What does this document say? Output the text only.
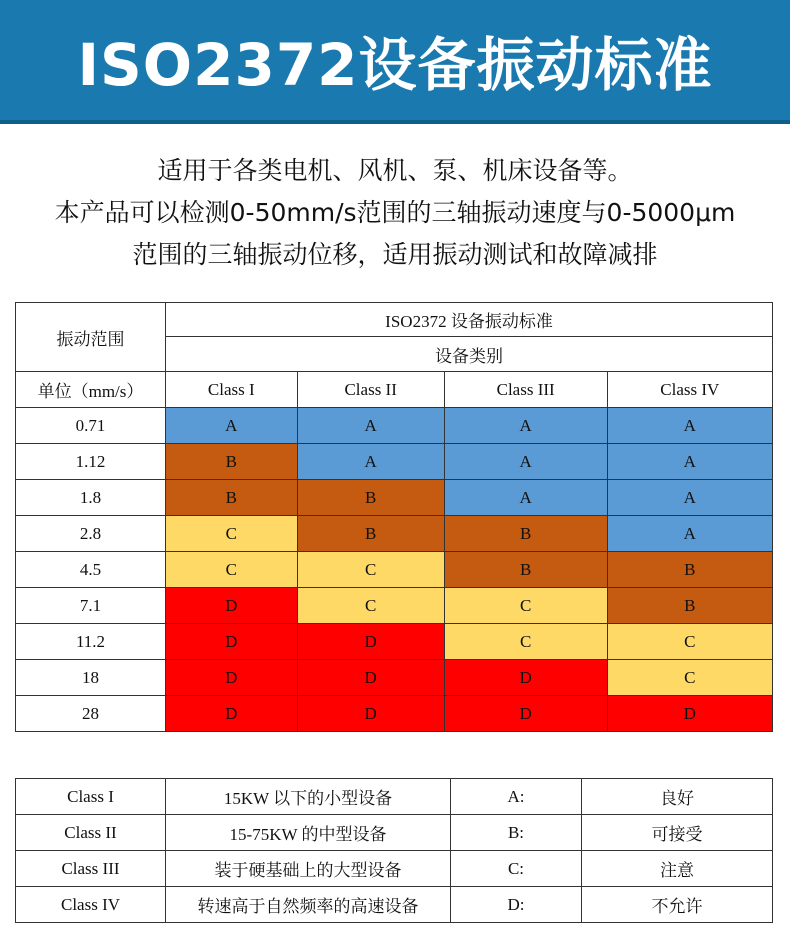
ISO2372设备振动标准
适用于各类电机、风机、泵、机床设备等。
本产品可以检测0-50mm/s范围的三轴振动速度与0-5000μm
范围的三轴振动位移，适用振动测试和故障减排
振动范围	ISO2372 设备振动标准			
	设备类别			
单位（mm/s）	Class I	Class II	Class III	Class IV
0.71	A	A	A	A
1.12	B	A	A	A
1.8	B	B	A	A
2.8	C	B	B	A
4.5	C	C	B	B
7.1	D	C	C	B
11.2	D	D	C	C
18	D	D	D	C
28	D	D	D	D
Class I	15KW 以下的小型设备	A:	良好
Class II	15-75KW 的中型设备	B:	可接受
Class III	装于硬基础上的大型设备	C:	注意
Class IV	转速高于自然频率的高速设备	D:	不允许
